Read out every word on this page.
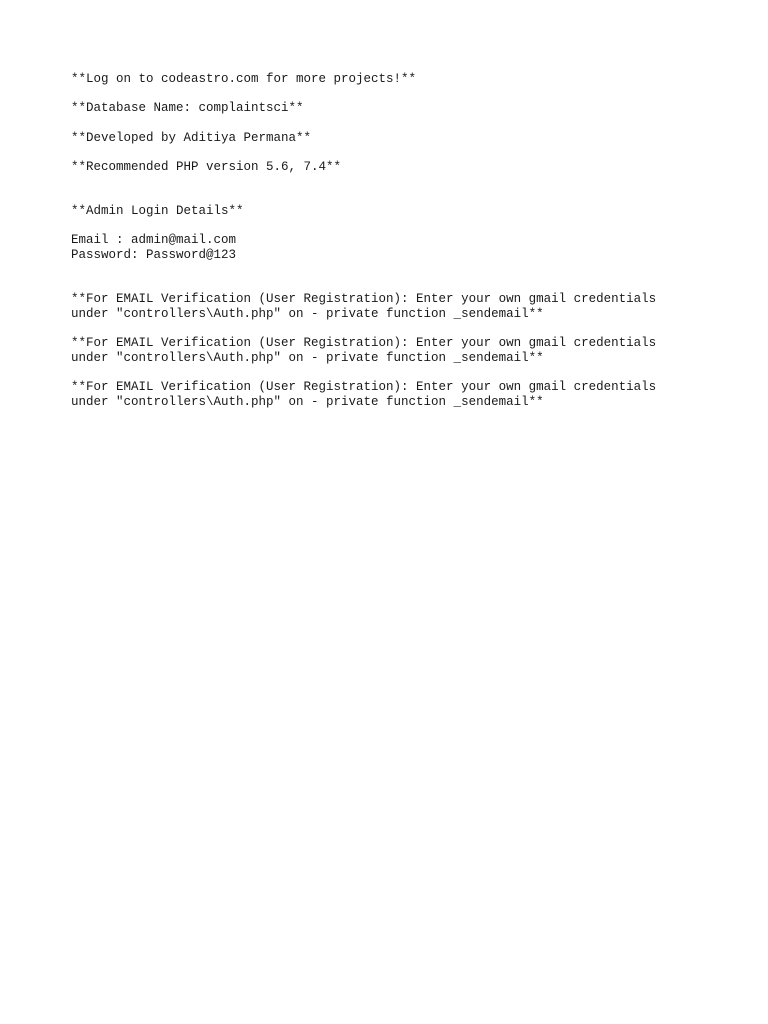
**Log on to codeastro.com for more projects!**

**Database Name: complaintsci**

**Developed by Aditiya Permana**

**Recommended PHP version 5.6, 7.4**

**Admin Login Details**

Email : admin@mail.com

Password: Password@123

**For EMAIL Verification (User Registration): Enter your own gmail credentials

under "controllers\Auth.php" on - private function _sendemail**

**For EMAIL Verification (User Registration): Enter your own gmail credentials

under "controllers\Auth.php" on - private function _sendemail**

**For EMAIL Verification (User Registration): Enter your own gmail credentials

under "controllers\Auth.php" on - private function _sendemail**
